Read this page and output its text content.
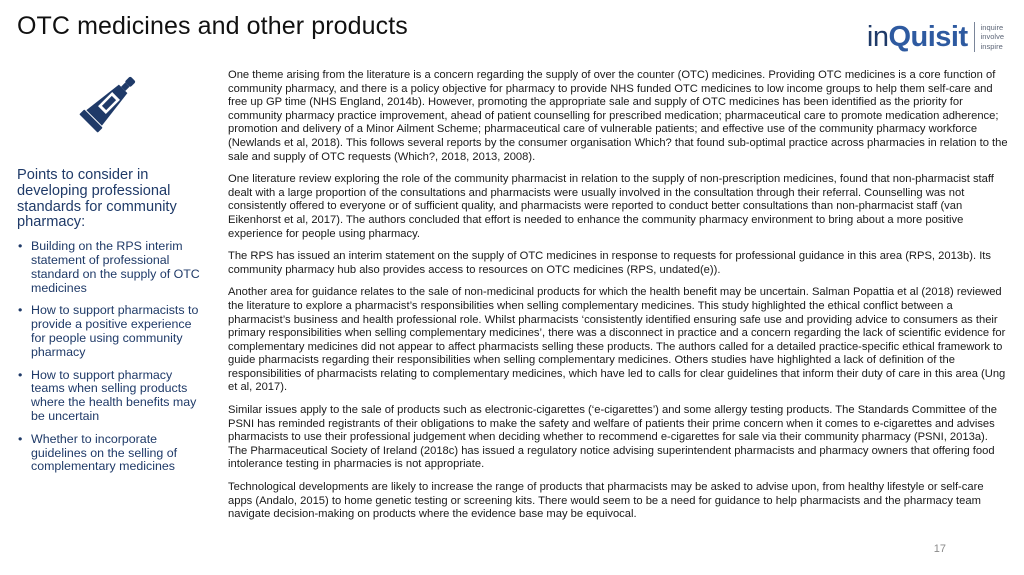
OTC medicines and other products	inQuisit inquire
involve
inspire
Points to consider in developing professional standards for community pharmacy:
• Building on the RPS interim statement of professional standard on the supply of OTC medicines
• How to support pharmacists to provide a positive experience for people using community pharmacy
• How to support pharmacy teams when selling products where the health benefits may be uncertain
• Whether to incorporate guidelines on the selling of complementary medicines

One theme arising from the literature is a concern regarding the supply of over the counter (OTC) medicines. Providing OTC medicines is a core function of community pharmacy, and there is a policy objective for pharmacy to provide NHS funded OTC medicines to low income groups to help them self-care and free up GP time (NHS England, 2014b). However, promoting the appropriate sale and supply of OTC medicines has been identified as the priority for community pharmacy practice improvement, ahead of patient counselling for prescribed medication; pharmaceutical care to promote medication adherence; promotion and delivery of a Minor Ailment Scheme; pharmaceutical care of vulnerable patients; and effective use of the community pharmacy workforce (Newlands et al, 2018). This follows several reports by the consumer organisation Which? that found sub-optimal practice across pharmacies in relation to the sale and supply of OTC requests (Which?, 2018, 2013, 2008).

One literature review exploring the role of the community pharmacist in relation to the supply of non-prescription medicines, found that non-pharmacist staff dealt with a large proportion of the consultations and pharmacists were usually involved in the consultation through their referral. Counselling was not consistently offered to everyone or of sufficient quality, and pharmacists were reported to conduct better consultations than non-pharmacist staff (van Eikenhorst et al, 2017). The authors concluded that effort is needed to enhance the community pharmacy environment to bring about a more positive experience for people using pharmacy.

The RPS has issued an interim statement on the supply of OTC medicines in response to requests for professional guidance in this area (RPS, 2013b). Its community pharmacy hub also provides access to resources on OTC medicines (RPS, undated(e)).

Another area for guidance relates to the sale of non-medicinal products for which the health benefit may be uncertain. Salman Popattia et al (2018) reviewed the literature to explore a pharmacist’s responsibilities when selling complementary medicines. This study highlighted the ethical conflict between a pharmacist’s business and health professional role. Whilst pharmacists ‘consistently identified ensuring safe use and providing advice to consumers as their primary responsibilities when selling complementary medicines’, there was a disconnect in practice and a concern regarding the lack of scientific evidence for complementary medicines did not appear to affect pharmacists selling these products. The authors called for a detailed practice-specific ethical framework to guide pharmacists regarding their responsibilities when selling complementary medicines. Others studies have highlighted a lack of definition of the responsibilities of pharmacists relating to complementary medicines, which have led to calls for clear guidelines that inform their duty of care in this area (Ung et al, 2017).

Similar issues apply to the sale of products such as electronic-cigarettes (‘e-cigarettes’) and some allergy testing products. The Standards Committee of the PSNI has reminded registrants of their obligations to make the safety and welfare of patients their prime concern when it comes to e-cigarettes and advises pharmacists to use their professional judgement when deciding whether to recommend e-cigarettes for sale via their community pharmacy (PSNI, 2013a). The Pharmaceutical Society of Ireland (2018c) has issued a regulatory notice advising superintendent pharmacists and pharmacy owners that offering food intolerance testing in pharmacies is not appropriate.

Technological developments are likely to increase the range of products that pharmacists may be asked to advise upon, from healthy lifestyle or self-care apps (Andalo, 2015) to home genetic testing or screening kits. There would seem to be a need for guidance to help pharmacists and the pharmacy team navigate decision-making on products where the evidence base may be equivocal.

17
